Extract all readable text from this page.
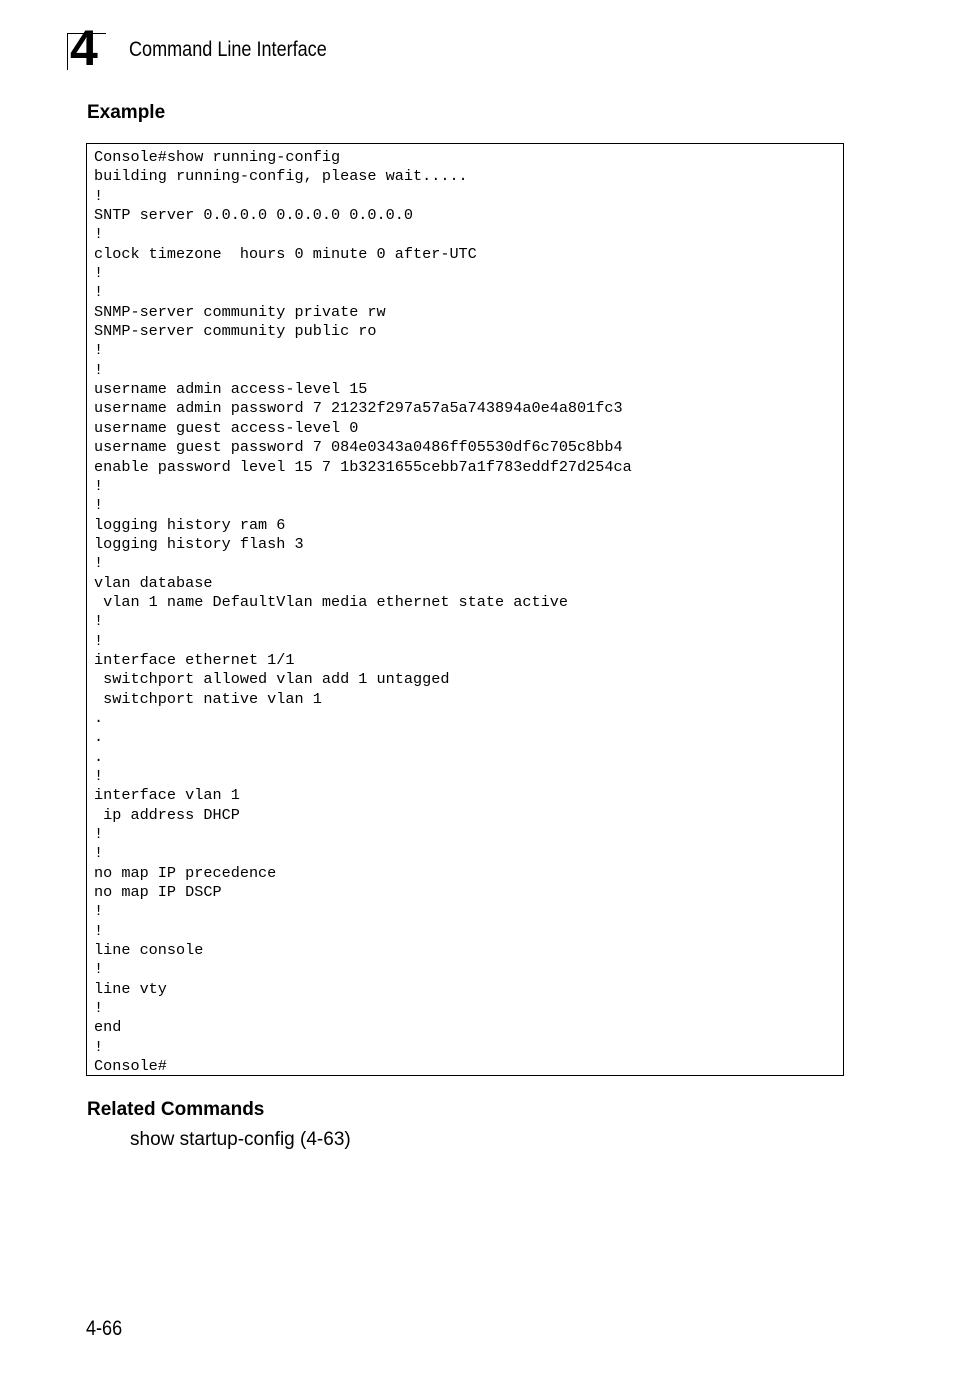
4 Command Line Interface
Example
Console#show running-config
building running-config, please wait.....
!
SNTP server 0.0.0.0 0.0.0.0 0.0.0.0
!
clock timezone  hours 0 minute 0 after-UTC
!
!
SNMP-server community private rw
SNMP-server community public ro
!
!
username admin access-level 15
username admin password 7 21232f297a57a5a743894a0e4a801fc3
username guest access-level 0
username guest password 7 084e0343a0486ff05530df6c705c8bb4
enable password level 15 7 1b3231655cebb7a1f783eddf27d254ca
!
!
logging history ram 6
logging history flash 3
!
vlan database
vlan 1 name DefaultVlan media ethernet state active
!
!
interface ethernet 1/1
switchport allowed vlan add 1 untagged
switchport native vlan 1
.
.
.
!
interface vlan 1
ip address DHCP
!
!
no map IP precedence
no map IP DSCP
!
!
line console
!
line vty
!
end
!
Console#
Related Commands
show startup-config (4-63)
4-66
